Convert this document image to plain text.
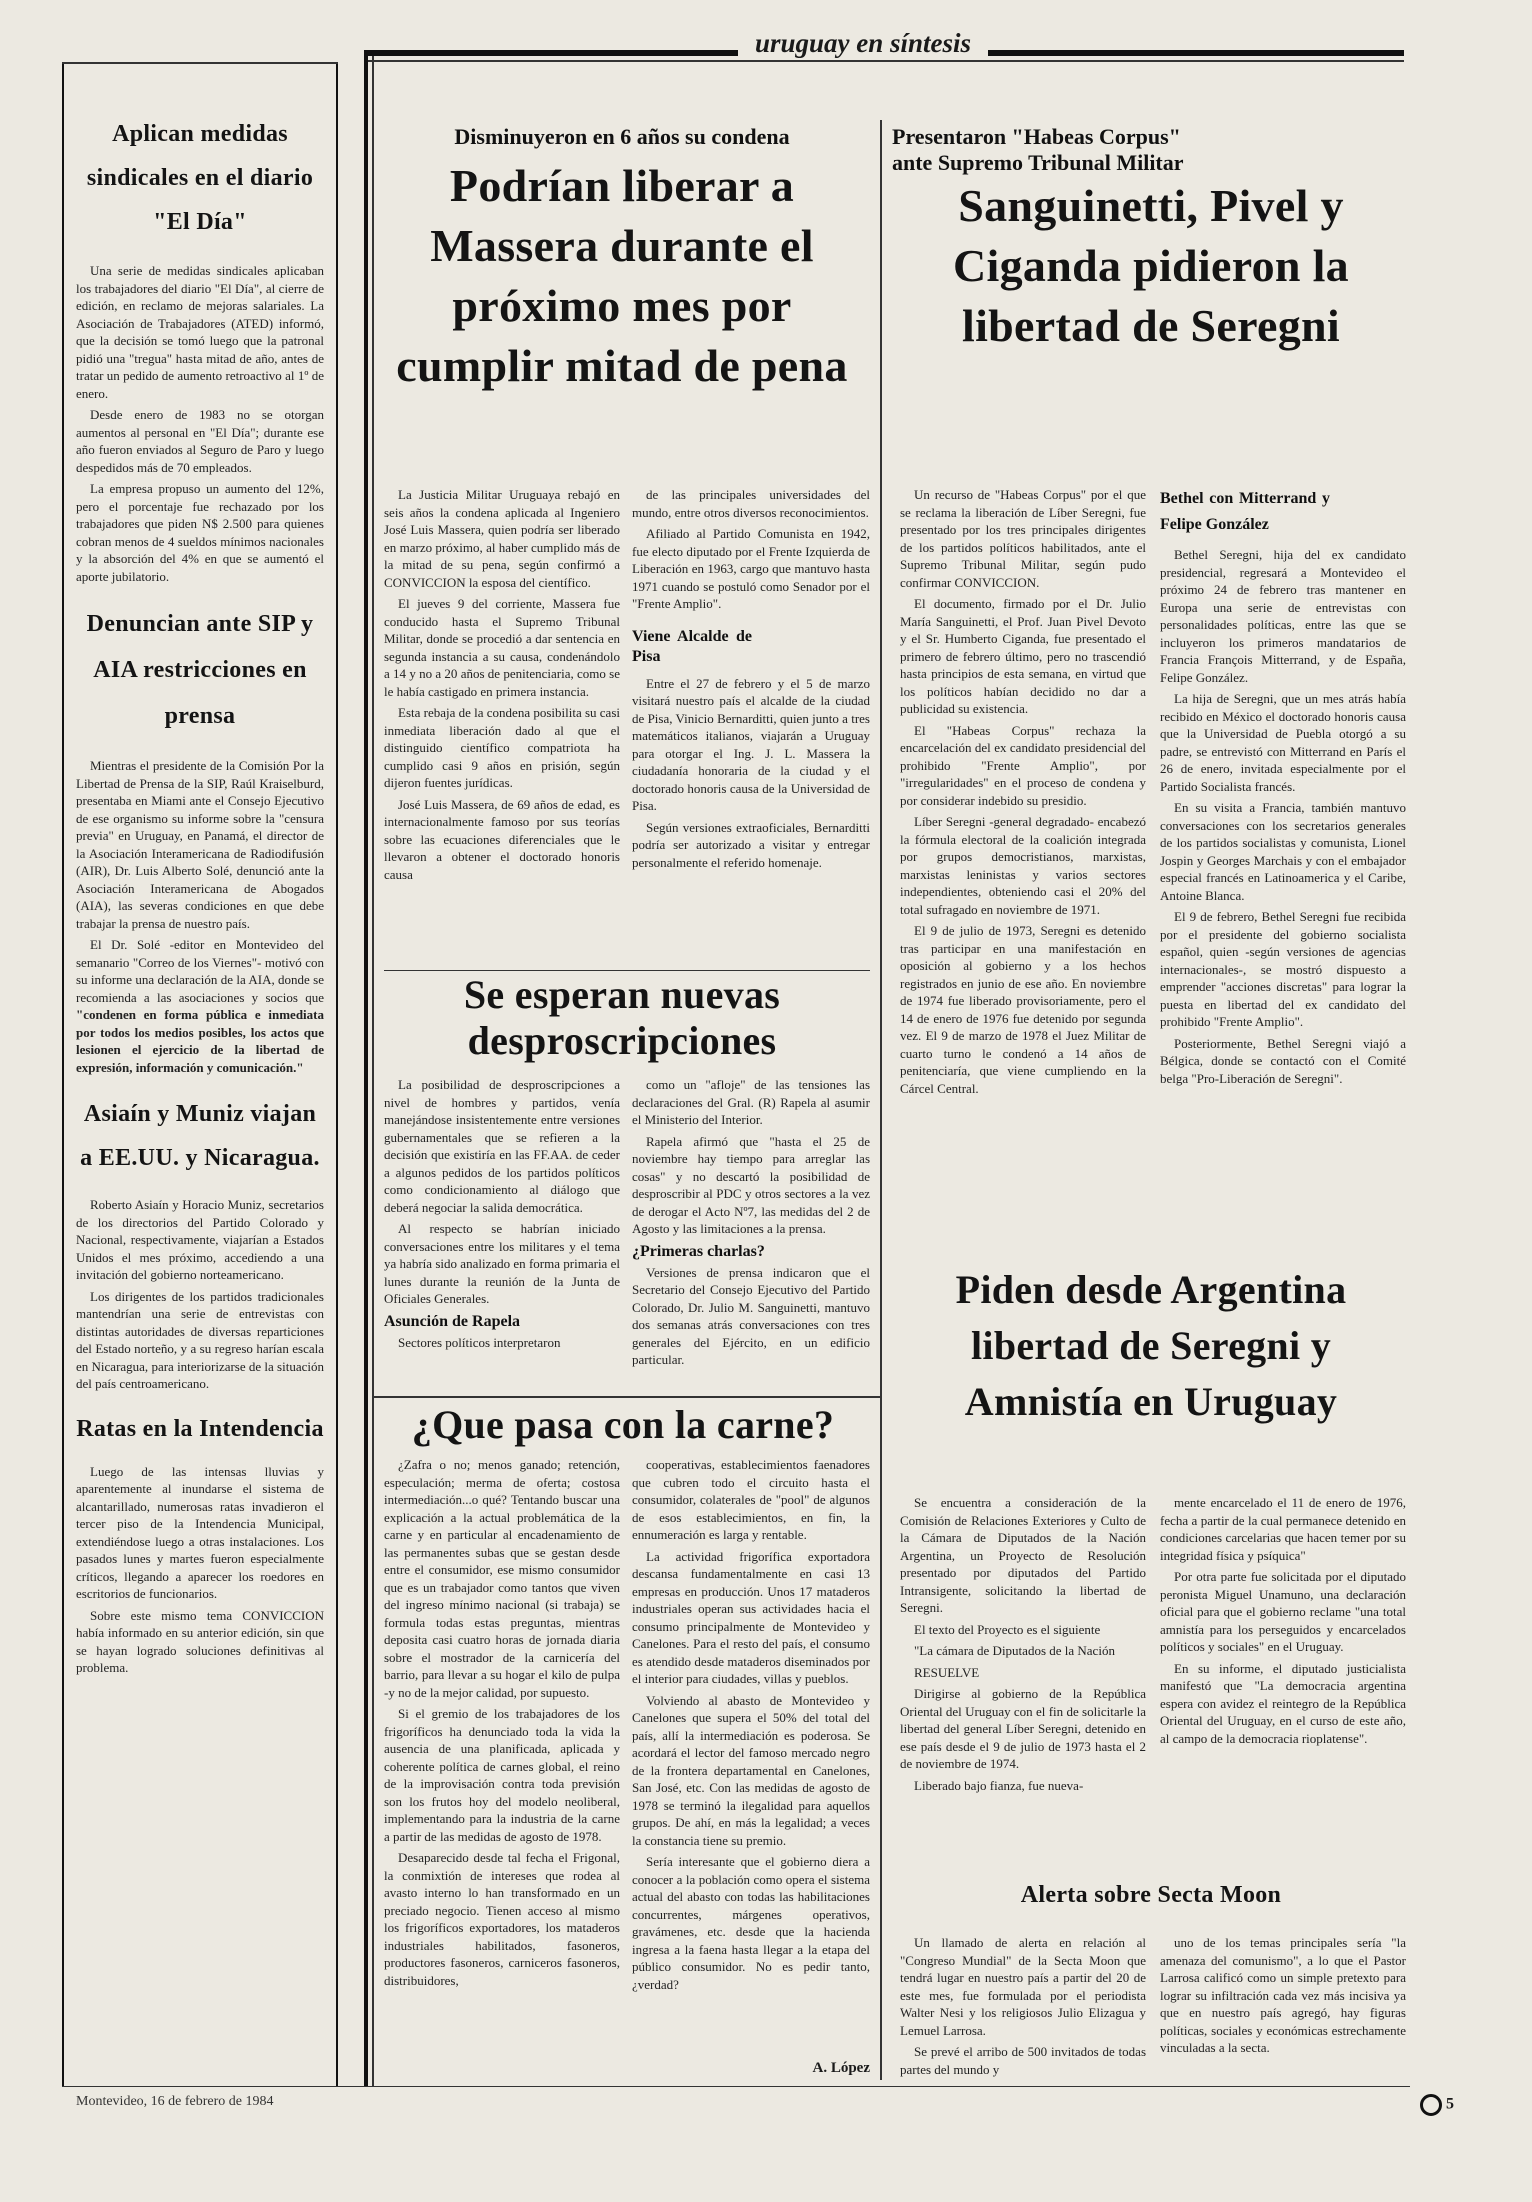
uruguay en síntesis
Aplican medidas sindicales en el diario "El Día"

Una serie de medidas sindicales aplicaban los trabajadores del diario "El Día", al cierre de edición, en reclamo de mejoras salariales. La Asociación de Trabajadores (ATED) informó, que la decisión se tomó luego que la patronal pidió una "tregua" hasta mitad de año, antes de tratar un pedido de aumento retroactivo al 1º de enero.

Desde enero de 1983 no se otorgan aumentos al personal en "El Día"; durante ese año fueron enviados al Seguro de Paro y luego despedidos más de 70 empleados.

La empresa propuso un aumento del 12%, pero el porcentaje fue rechazado por los trabajadores que piden N$ 2.500 para quienes cobran menos de 4 sueldos mínimos nacionales y la absorción del 4% en que se aumentó el aporte jubilatorio.

Denuncian ante SIP y AIA restricciones en prensa

Mientras el presidente de la Comisión Por la Libertad de Prensa de la SIP, Raúl Kraiselburd, presentaba en Miami ante el Consejo Ejecutivo de ese organismo su informe sobre la "censura previa" en Uruguay, en Panamá, el director de la Asociación Interamericana de Radiodifusión (AIR), Dr. Luis Alberto Solé, denunció ante la Asociación Interamericana de Abogados (AIA), las severas condiciones en que debe trabajar la prensa de nuestro país.

El Dr. Solé -editor en Montevideo del semanario "Correo de los Viernes"- motivó con su informe una declaración de la AIA, donde se recomienda a las asociaciones y socios que "condenen en forma pública e inmediata por todos los medios posibles, los actos que lesionen el ejercicio de la libertad de expresión, información y comunicación."

Asiaín y Muniz viajan a EE.UU. y Nicaragua.

Roberto Asiaín y Horacio Muniz, secretarios de los directorios del Partido Colorado y Nacional, respectivamente, viajarían a Estados Unidos el mes próximo, accediendo a una invitación del gobierno norteamericano.

Los dirigentes de los partidos tradicionales mantendrían una serie de entrevistas con distintas autoridades de diversas reparticiones del Estado norteño, y a su regreso harían escala en Nicaragua, para interiorizarse de la situación del país centroamericano.

Ratas en la Intendencia

Luego de las intensas lluvias y aparentemente al inundarse el sistema de alcantarillado, numerosas ratas invadieron el tercer piso de la Intendencia Municipal, extendiéndose luego a otras instalaciones. Los pasados lunes y martes fueron especialmente críticos, llegando a aparecer los roedores en escritorios de funcionarios.

Sobre este mismo tema CONVICCION había informado en su anterior edición, sin que se hayan logrado soluciones definitivas al problema.

Disminuyeron en 6 años su condena
Podrían liberar a Massera durante el próximo mes por cumplir mitad de pena

La Justicia Militar Uruguaya rebajó en seis años la condena aplicada al Ingeniero José Luis Massera, quien podría ser liberado en marzo próximo, al haber cumplido más de la mitad de su pena, según confirmó a CONVICCION la esposa del científico.

El jueves 9 del corriente, Massera fue conducido hasta el Supremo Tribunal Militar, donde se procedió a dar sentencia en segunda instancia a su causa, condenándolo a 14 y no a 20 años de penitenciaria, como se le había castigado en primera instancia.

Esta rebaja de la condena posibilita su casi inmediata liberación dado al que el distinguido científico compatriota ha cumplido casi 9 años en prisión, según dijeron fuentes jurídicas.

José Luis Massera, de 69 años de edad, es internacionalmente famoso por sus teorías sobre las ecuaciones diferenciales que le llevaron a obtener el doctorado honoris causa

de las principales universidades del mundo, entre otros diversos reconocimientos.

Afiliado al Partido Comunista en 1942, fue electo diputado por el Frente Izquierda de Liberación en 1963, cargo que mantuvo hasta 1971 cuando se postuló como Senador por el "Frente Amplio".

Viene Alcalde de Pisa

Entre el 27 de febrero y el 5 de marzo visitará nuestro país el alcalde de la ciudad de Pisa, Vinicio Bernarditti, quien junto a tres matemáticos italianos, viajarán a Uruguay para otorgar el Ing. J. L. Massera la ciudadanía honoraria de la ciudad y el doctorado honoris causa de la Universidad de Pisa.

Según versiones extraoficiales, Bernarditti podría ser autorizado a visitar y entregar personalmente el referido homenaje.

Se esperan nuevas desproscripciones

La posibilidad de desproscripciones a nivel de hombres y partidos, venía manejándose insistentemente entre versiones gubernamentales que se refieren a la decisión que existiría en las FF.AA. de ceder a algunos pedidos de los partidos políticos como condicionamiento al diálogo que deberá negociar la salida democrática.

Al respecto se habrían iniciado conversaciones entre los militares y el tema ya habría sido analizado en forma primaria el lunes durante la reunión de la Junta de Oficiales Generales.

Asunción de Rapela

Sectores políticos interpretaron

como un "afloje" de las tensiones las declaraciones del Gral. (R) Rapela al asumir el Ministerio del Interior.

Rapela afirmó que "hasta el 25 de noviembre hay tiempo para arreglar las cosas" y no descartó la posibilidad de desproscribir al PDC y otros sectores a la vez de derogar el Acto Nº7, las medidas del 2 de Agosto y las limitaciones a la prensa.

¿Primeras charlas?

Versiones de prensa indicaron que el Secretario del Consejo Ejecutivo del Partido Colorado, Dr. Julio M. Sanguinetti, mantuvo dos semanas atrás conversaciones con tres generales del Ejército, en un edificio particular.

¿Que pasa con la carne?

¿Zafra o no; menos ganado; retención, especulación; merma de oferta; costosa intermediación...o qué? Tentando buscar una explicación a la actual problemática de la carne y en particular al encadenamiento de las permanentes subas que se gestan desde entre el consumidor, ese mismo consumidor que es un trabajador como tantos que viven del ingreso mínimo nacional (si trabaja) se formula todas estas preguntas, mientras deposita casi cuatro horas de jornada diaria sobre el mostrador de la carnicería del barrio, para llevar a su hogar el kilo de pulpa -y no de la mejor calidad, por supuesto.

Si el gremio de los trabajadores de los frigoríficos ha denunciado toda la vida la ausencia de una planificada, aplicada y coherente política de carnes global, el reino de la improvisación contra toda previsión son los frutos hoy del modelo neoliberal, implementando para la industria de la carne a partir de las medidas de agosto de 1978.

Desaparecido desde tal fecha el Frigonal, la conmixtión de intereses que rodea al avasto interno lo han transformado en un preciado negocio. Tienen acceso al mismo los frigoríficos exportadores, los mataderos industriales habilitados, fasoneros, productores fasoneros, carniceros fasoneros, distribuidores,

cooperativas, establecimientos faenadores que cubren todo el circuito hasta el consumidor, colaterales de "pool" de algunos de esos establecimientos, en fin, la ennumeración es larga y rentable.

La actividad frigorífica exportadora descansa fundamentalmente en casi 13 empresas en producción. Unos 17 mataderos industriales operan sus actividades hacia el consumo principalmente de Montevideo y Canelones. Para el resto del país, el consumo es atendido desde mataderos diseminados por el interior para ciudades, villas y pueblos.

Volviendo al abasto de Montevideo y Canelones que supera el 50% del total del país, allí la intermediación es poderosa. Se acordará el lector del famoso mercado negro de la frontera departamental en Canelones, San José, etc. Con las medidas de agosto de 1978 se terminó la ilegalidad para aquellos grupos. De ahí, en más la legalidad; a veces la constancia tiene su premio.

Sería interesante que el gobierno diera a conocer a la población como opera el sistema actual del abasto con todas las habilitaciones concurrentes, márgenes operativos, gravámenes, etc. desde que la hacienda ingresa a la faena hasta llegar a la etapa del público consumidor. No es pedir tanto, ¿verdad?

A. López
Presentaron "Habeas Corpus"
ante Supremo Tribunal Militar
Sanguinetti, Pivel y Ciganda pidieron la libertad de Seregni

Un recurso de "Habeas Corpus" por el que se reclama la liberación de Líber Seregni, fue presentado por los tres principales dirigentes de los partidos políticos habilitados, ante el Supremo Tribunal Militar, según pudo confirmar CONVICCION.

El documento, firmado por el Dr. Julio María Sanguinetti, el Prof. Juan Pivel Devoto y el Sr. Humberto Ciganda, fue presentado el primero de febrero último, pero no trascendió hasta principios de esta semana, en virtud que los políticos habían decidido no dar a publicidad su existencia.

El "Habeas Corpus" rechaza la encarcelación del ex candidato presidencial del prohibido "Frente Amplio", por "irregularidades" en el proceso de condena y por considerar indebido su presidio.

Líber Seregni -general degradado- encabezó la fórmula electoral de la coalición integrada por grupos democristianos, marxistas, marxistas leninistas y varios sectores independientes, obteniendo casi el 20% del total sufragado en noviembre de 1971.

El 9 de julio de 1973, Seregni es detenido tras participar en una manifestación en oposición al gobierno y a los hechos registrados en junio de ese año. En noviembre de 1974 fue liberado provisoriamente, pero el 14 de enero de 1976 fue detenido por segunda vez. El 9 de marzo de 1978 el Juez Militar de cuarto turno le condenó a 14 años de penitenciaría, que viene cumpliendo en la Cárcel Central.

Bethel con Mitterrand y Felipe González

Bethel Seregni, hija del ex candidato presidencial, regresará a Montevideo el próximo 24 de febrero tras mantener en Europa una serie de entrevistas con personalidades políticas, entre las que se incluyeron los primeros mandatarios de Francia François Mitterrand, y de España, Felipe González.

La hija de Seregni, que un mes atrás había recibido en México el doctorado honoris causa que la Universidad de Puebla otorgó a su padre, se entrevistó con Mitterrand en París el 26 de enero, invitada especialmente por el Partido Socialista francés.

En su visita a Francia, también mantuvo conversaciones con los secretarios generales de los partidos socialistas y comunista, Lionel Jospin y Georges Marchais y con el embajador especial francés en Latinoamerica y el Caribe, Antoine Blanca.

El 9 de febrero, Bethel Seregni fue recibida por el presidente del gobierno socialista español, quien -según versiones de agencias internacionales-, se mostró dispuesto a emprender "acciones discretas" para lograr la puesta en libertad del ex candidato del prohibido "Frente Amplio".

Posteriormente, Bethel Seregni viajó a Bélgica, donde se contactó con el Comité belga "Pro-Liberación de Seregni".

Piden desde Argentina libertad de Seregni y Amnistía en Uruguay

Se encuentra a consideración de la Comisión de Relaciones Exteriores y Culto de la Cámara de Diputados de la Nación Argentina, un Proyecto de Resolución presentado por diputados del Partido Intransigente, solicitando la libertad de Seregni.

El texto del Proyecto es el siguiente

"La cámara de Diputados de la Nación

RESUELVE

Dirigirse al gobierno de la República Oriental del Uruguay con el fin de solicitarle la libertad del general Líber Seregni, detenido en ese país desde el 9 de julio de 1973 hasta el 2 de noviembre de 1974.

Liberado bajo fianza, fue nueva-

mente encarcelado el 11 de enero de 1976, fecha a partir de la cual permanece detenido en condiciones carcelarias que hacen temer por su integridad física y psíquica"

Por otra parte fue solicitada por el diputado peronista Miguel Unamuno, una declaración oficial para que el gobierno reclame "una total amnistía para los perseguidos y encarcelados políticos y sociales" en el Uruguay.

En su informe, el diputado justicialista manifestó que "La democracia argentina espera con avidez el reintegro de la República Oriental del Uruguay, en el curso de este año, al campo de la democracia rioplatense".

Alerta sobre Secta Moon

Un llamado de alerta en relación al "Congreso Mundial" de la Secta Moon que tendrá lugar en nuestro país a partir del 20 de este mes, fue formulada por el periodista Walter Nesi y los religiosos Julio Elizagua y Lemuel Larrosa.

Se prevé el arribo de 500 invitados de todas partes del mundo y

uno de los temas principales sería "la amenaza del comunismo", a lo que el Pastor Larrosa calificó como un simple pretexto para lograr su infiltración cada vez más incisiva ya que en nuestro país agregó, hay figuras políticas, sociales y económicas estrechamente vinculadas a la secta.

Montevideo, 16 de febrero de 1984	5
